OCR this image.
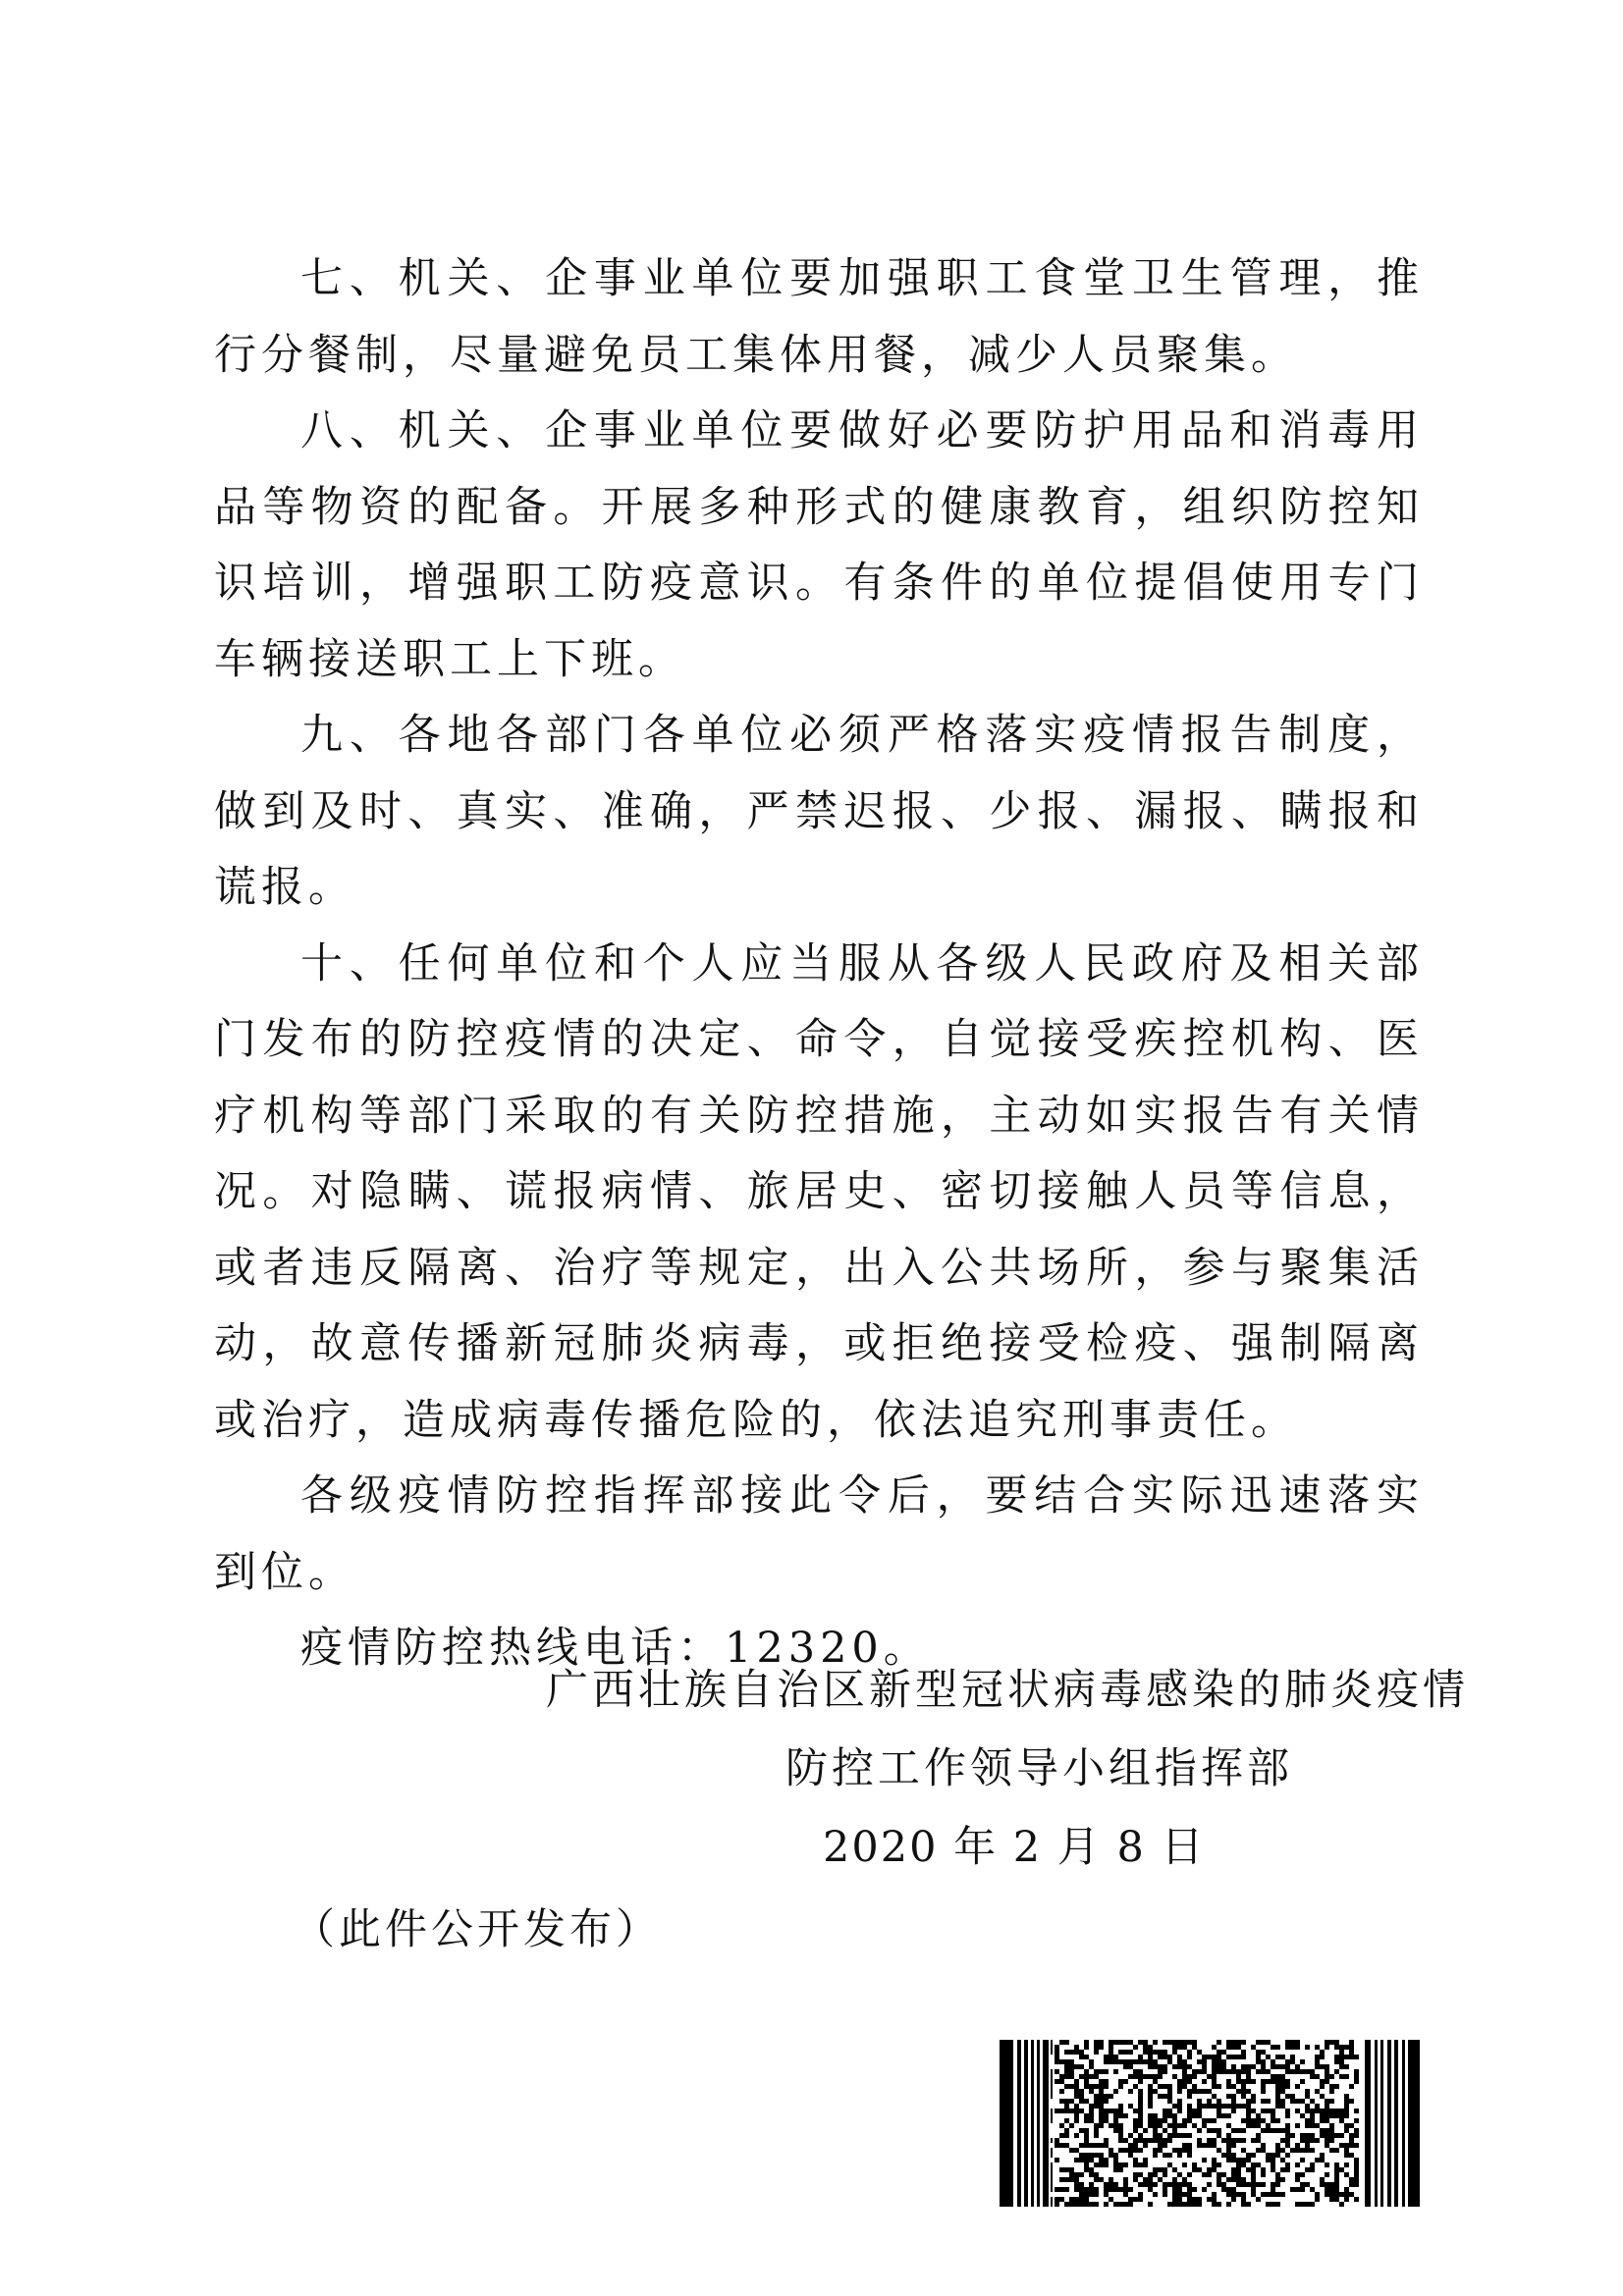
七、机关、企事业单位要加强职工食堂卫生管理，推行分餐制，尽量避免员工集体用餐，减少人员聚集。

八、机关、企事业单位要做好必要防护用品和消毒用品等物资的配备。开展多种形式的健康教育，组织防控知识培训，增强职工防疫意识。有条件的单位提倡使用专门车辆接送职工上下班。

九、各地各部门各单位必须严格落实疫情报告制度，做到及时、真实、准确，严禁迟报、少报、漏报、瞒报和谎报。

十、任何单位和个人应当服从各级人民政府及相关部门发布的防控疫情的决定、命令，自觉接受疾控机构、医疗机构等部门采取的有关防控措施，主动如实报告有关情况。对隐瞒、谎报病情、旅居史、密切接触人员等信息，或者违反隔离、治疗等规定，出入公共场所，参与聚集活动，故意传播新冠肺炎病毒，或拒绝接受检疫、强制隔离或治疗，造成病毒传播危险的，依法追究刑事责任。

各级疫情防控指挥部接此令后，要结合实际迅速落实到位。

疫情防控热线电话：12320。

广西壮族自治区新型冠状病毒感染的肺炎疫情
防控工作领导小组指挥部
2020 年 2 月 8 日
（此件公开发布）
